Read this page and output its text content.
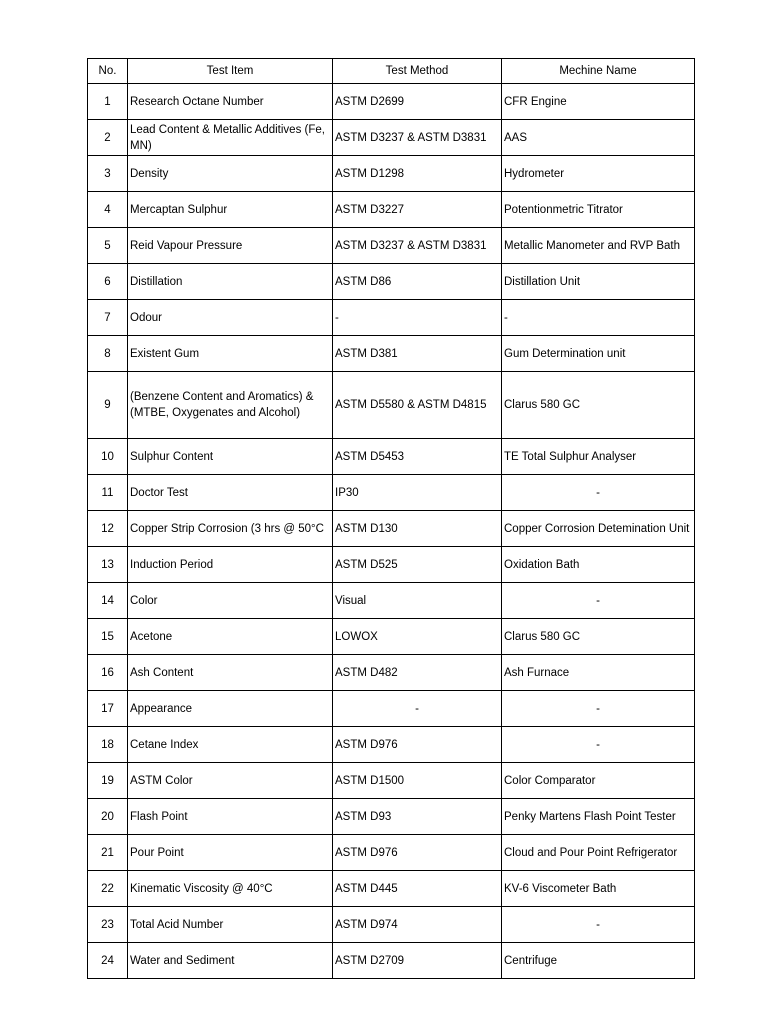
No.	Test Item	Test Method	Mechine Name
1	Research Octane Number	ASTM D2699	CFR Engine
2	Lead Content & Metallic Additives (Fe, MN)	ASTM D3237 & ASTM D3831	AAS
3	Density	ASTM D1298	Hydrometer
4	Mercaptan Sulphur	ASTM D3227	Potentionmetric Titrator
5	Reid Vapour Pressure	ASTM D3237 & ASTM D3831	Metallic Manometer and RVP Bath
6	Distillation	ASTM D86	Distillation Unit
7	Odour	-	-
8	Existent Gum	ASTM D381	Gum Determination unit
9	(Benzene Content and Aromatics) & (MTBE, Oxygenates and Alcohol)	ASTM D5580 & ASTM D4815	Clarus 580 GC
10	Sulphur Content	ASTM D5453	TE Total Sulphur Analyser
11	Doctor Test	IP30	-
12	Copper Strip Corrosion (3 hrs @ 50°C	ASTM D130	Copper Corrosion Detemination Unit
13	Induction Period	ASTM D525	Oxidation Bath
14	Color	Visual	-
15	Acetone	LOWOX	Clarus 580 GC
16	Ash Content	ASTM D482	Ash Furnace
17	Appearance	-	-
18	Cetane Index	ASTM D976	-
19	ASTM Color	ASTM D1500	Color Comparator
20	Flash Point	ASTM D93	Penky Martens Flash Point Tester
21	Pour Point	ASTM D976	Cloud and Pour Point Refrigerator
22	Kinematic Viscosity @ 40°C	ASTM D445	KV-6 Viscometer Bath
23	Total Acid Number	ASTM D974	-
24	Water and Sediment	ASTM D2709	Centrifuge
